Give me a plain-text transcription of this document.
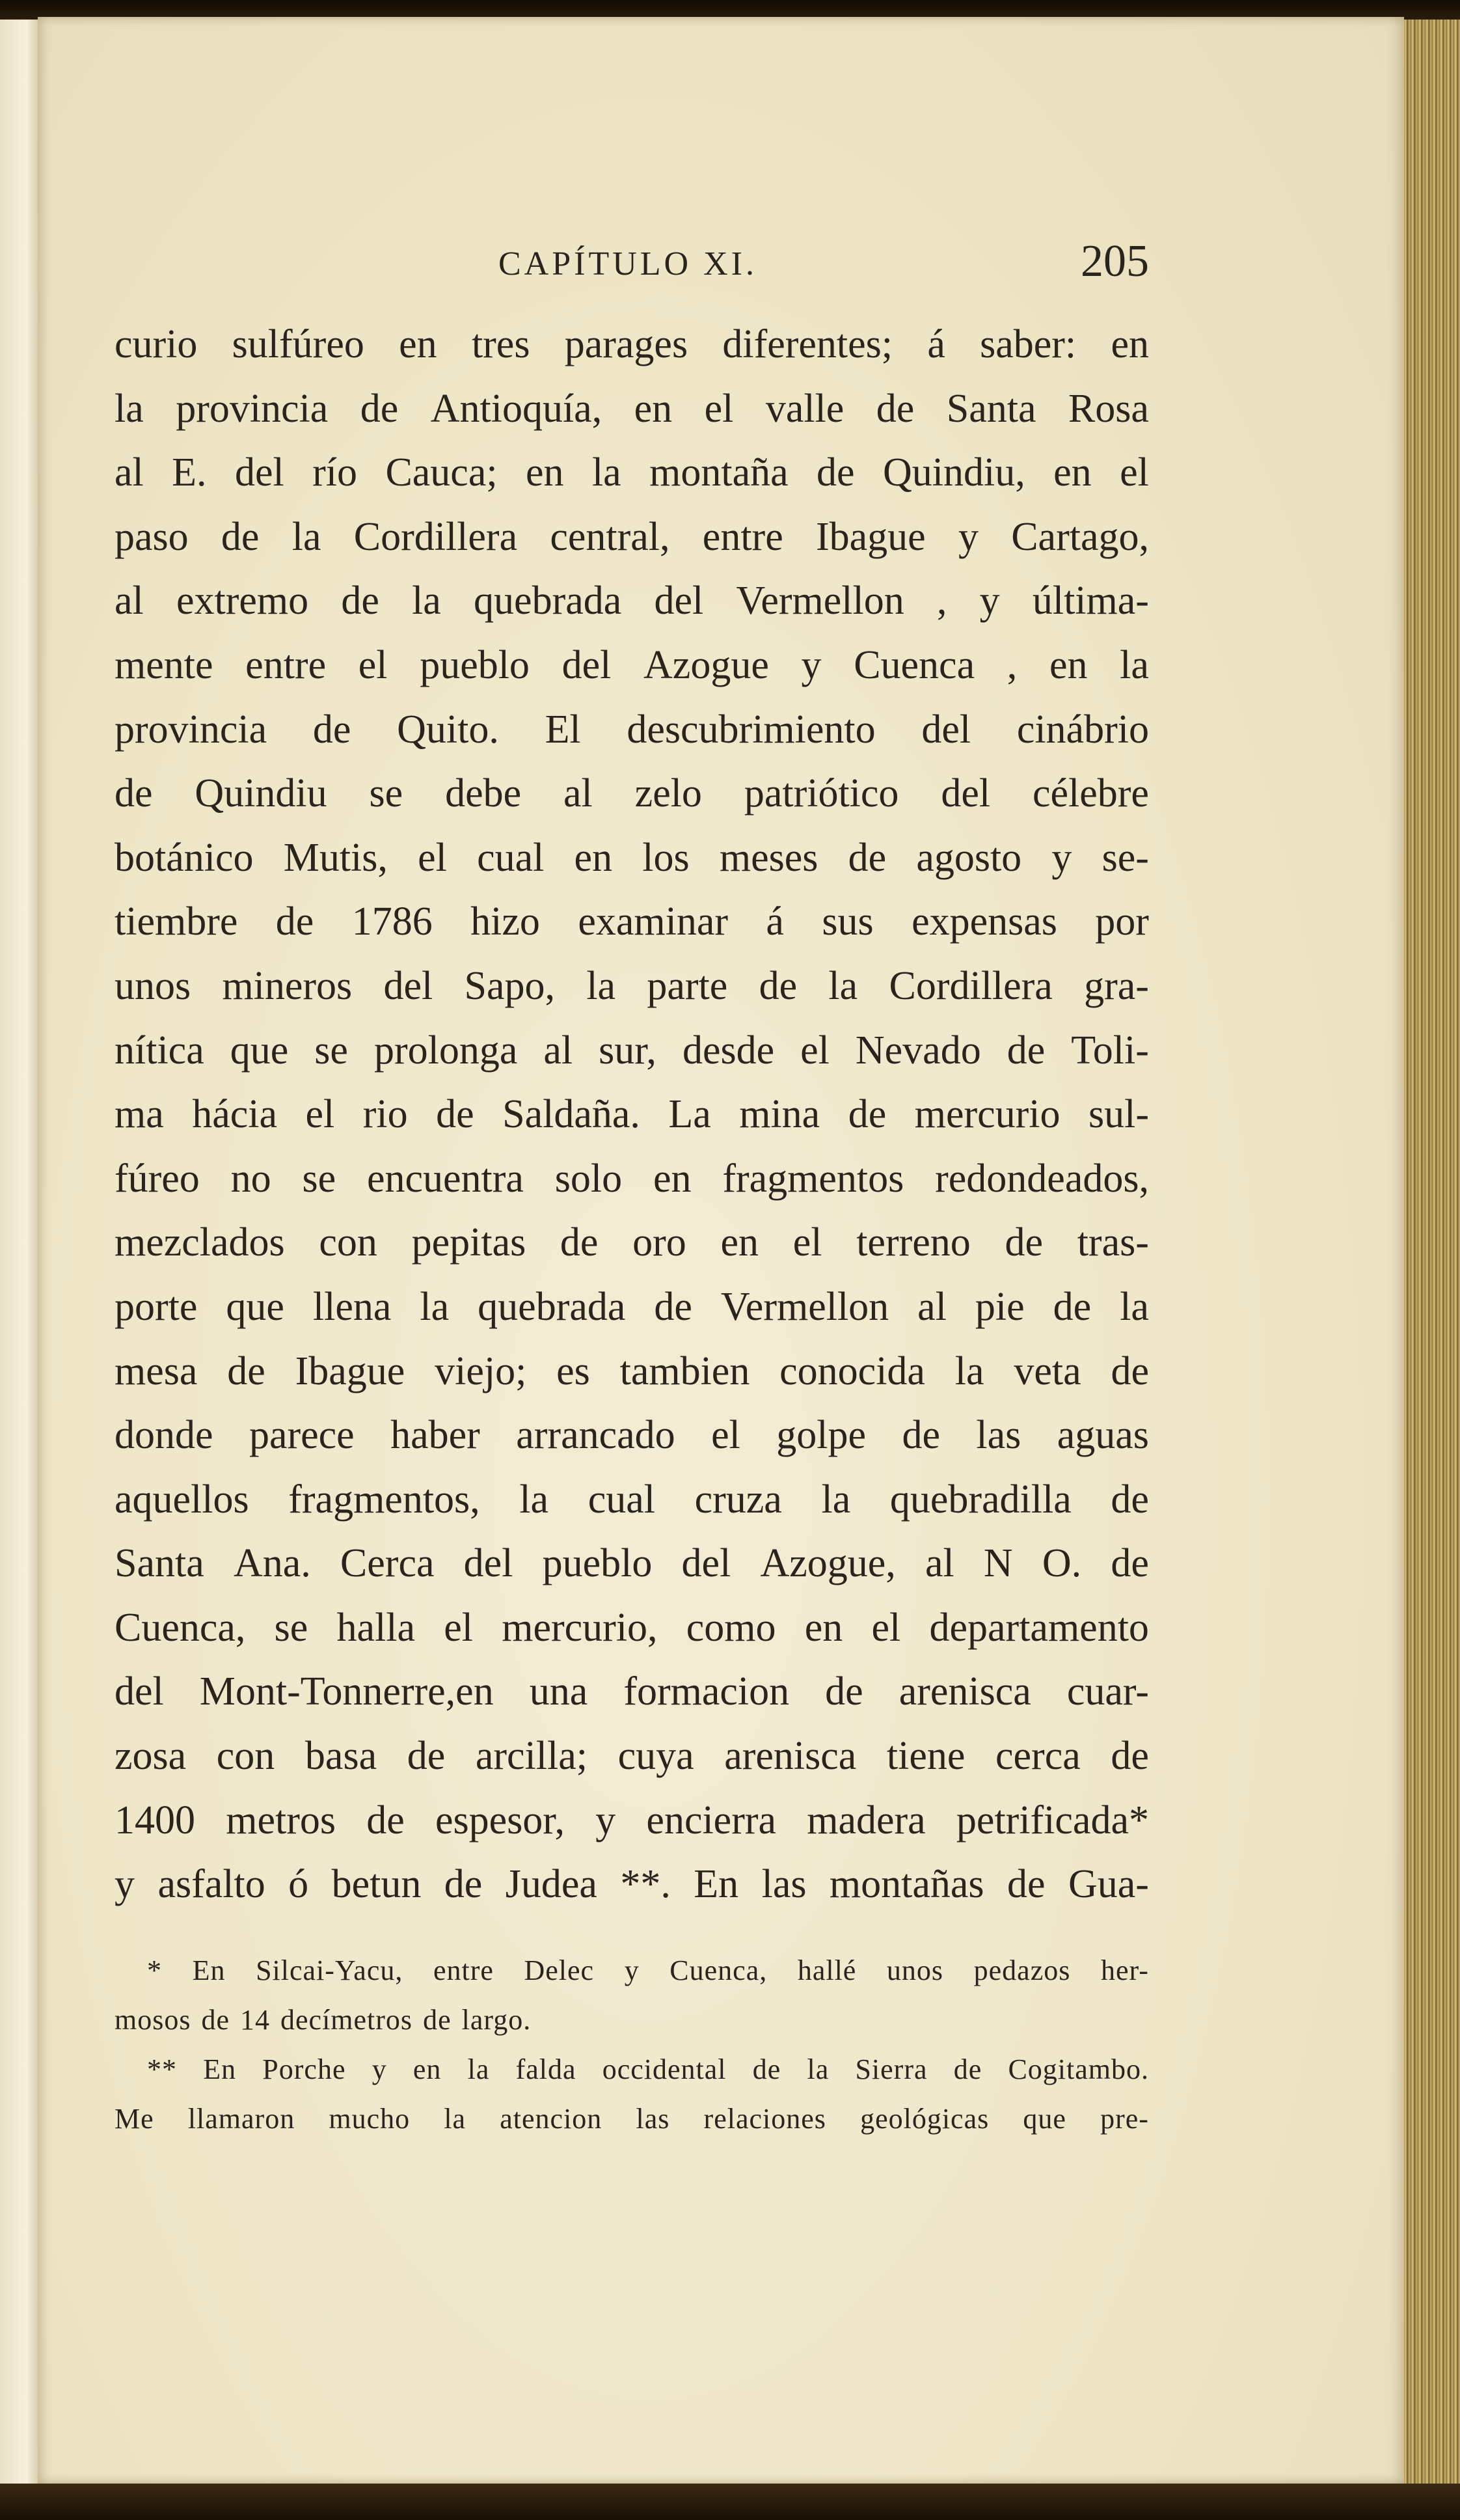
CAPÍTULO XI.	205
curio sulfúreo en tres parages diferentes; á saber: en
la provincia de Antioquía, en el valle de Santa Rosa
al E. del río Cauca; en la montaña de Quindiu, en el
paso de la Cordillera central, entre Ibague y Cartago,
al extremo de la quebrada del Vermellon , y última-
mente entre el pueblo del Azogue y Cuenca , en la
provincia de Quito. El descubrimiento del cinábrio
de Quindiu se debe al zelo patriótico del célebre
botánico Mutis, el cual en los meses de agosto y se-
tiembre de 1786 hizo examinar á sus expensas por
unos mineros del Sapo, la parte de la Cordillera gra-
nítica que se prolonga al sur, desde el Nevado de Toli-
ma hácia el rio de Saldaña. La mina de mercurio sul-
fúreo no se encuentra solo en fragmentos redondeados,
mezclados con pepitas de oro en el terreno de tras-
porte que llena la quebrada de Vermellon al pie de la
mesa de Ibague viejo; es tambien conocida la veta de
donde parece haber arrancado el golpe de las aguas
aquellos fragmentos, la cual cruza la quebradilla de
Santa Ana. Cerca del pueblo del Azogue, al N O. de
Cuenca, se halla el mercurio, como en el departamento
del Mont-Tonnerre,en una formacion de arenisca cuar-
zosa con basa de arcilla; cuya arenisca tiene cerca de
1400 metros de espesor, y encierra madera petrificada*
y asfalto ó betun de Judea **. En las montañas de Gua-
* En Silcai-Yacu, entre Delec y Cuenca, hallé unos pedazos her-
mosos de 14 decímetros de largo.
** En Porche y en la falda occidental de la Sierra de Cogitambo.
Me llamaron mucho la atencion las relaciones geológicas que pre-
